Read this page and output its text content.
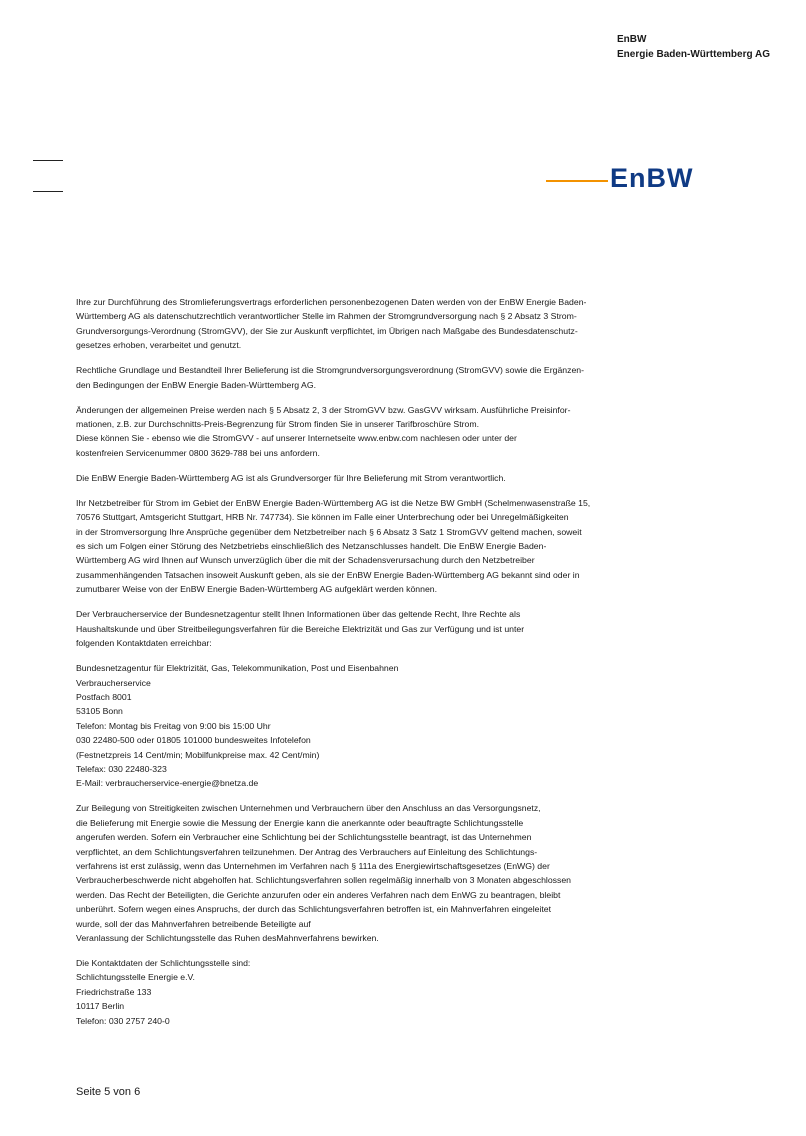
EnBW
Energie Baden-Württemberg AG
EnBW

Ihre zur Durchführung des Stromlieferungsvertrags erforderlichen personenbezogenen Daten werden von der EnBW Energie Baden-
Württemberg AG als datenschutzrechtlich verantwortlicher Stelle im Rahmen der Stromgrundversorgung nach § 2 Absatz 3 Strom-
Grundversorgungs-Verordnung (StromGVV), der Sie zur Auskunft verpflichtet, im Übrigen nach Maßgabe des Bundesdatenschutz-
gesetzes erhoben, verarbeitet und genutzt.

Rechtliche Grundlage und Bestandteil Ihrer Belieferung ist die Stromgrundversorgungsverordnung (StromGVV) sowie die Ergänzen-
den Bedingungen der EnBW Energie Baden-Württemberg AG.

Änderungen der allgemeinen Preise werden nach § 5 Absatz 2, 3 der StromGVV bzw. GasGVV wirksam. Ausführliche Preisinfor-
mationen, z.B. zur Durchschnitts-Preis-Begrenzung für Strom finden Sie in unserer Tarifbroschüre Strom.
Diese können Sie - ebenso wie die StromGVV - auf unserer Internetseite www.enbw.com nachlesen oder unter der
kostenfreien Servicenummer 0800 3629-788 bei uns anfordern.

Die EnBW Energie Baden-Württemberg AG ist als Grundversorger für Ihre Belieferung mit Strom verantwortlich.

Ihr Netzbetreiber für Strom im Gebiet der EnBW Energie Baden-Württemberg AG ist die Netze BW GmbH (Schelmenwasenstraße 15,
70576 Stuttgart, Amtsgericht Stuttgart, HRB Nr. 747734). Sie können im Falle einer Unterbrechung oder bei Unregelmäßigkeiten
in der Stromversorgung Ihre Ansprüche gegenüber dem Netzbetreiber nach § 6 Absatz 3 Satz 1 StromGVV geltend machen, soweit
es sich um Folgen einer Störung des Netzbetriebs einschließlich des Netzanschlusses handelt. Die EnBW Energie Baden-
Württemberg AG wird Ihnen auf Wunsch unverzüglich über die mit der Schadensverursachung durch den Netzbetreiber
zusammenhängenden Tatsachen insoweit Auskunft geben, als sie der EnBW Energie Baden-Württemberg AG bekannt sind oder in
zumutbarer Weise von der EnBW Energie Baden-Württemberg AG aufgeklärt werden können.

Der Verbraucherservice der Bundesnetzagentur stellt Ihnen Informationen über das geltende Recht, Ihre Rechte als
Haushaltskunde und über Streitbeilegungsverfahren für die Bereiche Elektrizität und Gas zur Verfügung und ist unter
folgenden Kontaktdaten erreichbar:

Bundesnetzagentur für Elektrizität, Gas, Telekommunikation, Post und Eisenbahnen
Verbraucherservice
Postfach 8001
53105 Bonn
Telefon: Montag bis Freitag von 9:00 bis 15:00 Uhr
030 22480-500 oder 01805 101000 bundesweites Infotelefon
(Festnetzpreis 14 Cent/min; Mobilfunkpreise max. 42 Cent/min)
Telefax: 030 22480-323
E-Mail: verbraucherservice-energie@bnetza.de

Zur Beilegung von Streitigkeiten zwischen Unternehmen und Verbrauchern über den Anschluss an das Versorgungsnetz,
die Belieferung mit Energie sowie die Messung der Energie kann die anerkannte oder beauftragte Schlichtungsstelle
angerufen werden. Sofern ein Verbraucher eine Schlichtung bei der Schlichtungsstelle beantragt, ist das Unternehmen
verpflichtet, an dem Schlichtungsverfahren teilzunehmen. Der Antrag des Verbrauchers auf Einleitung des Schlichtungs-
verfahrens ist erst zulässig, wenn das Unternehmen im Verfahren nach § 111a des Energiewirtschaftsgesetzes (EnWG) der
Verbraucherbeschwerde nicht abgeholfen hat. Schlichtungsverfahren sollen regelmäßig innerhalb von 3 Monaten abgeschlossen
werden. Das Recht der Beteiligten, die Gerichte anzurufen oder ein anderes Verfahren nach dem EnWG zu beantragen, bleibt
unberührt. Sofern wegen eines Anspruchs, der durch das Schlichtungsverfahren betroffen ist, ein Mahnverfahren eingeleitet
wurde, soll der das Mahnverfahren betreibende Beteiligte auf
Veranlassung der Schlichtungsstelle das Ruhen desMahnverfahrens bewirken.

Die Kontaktdaten der Schlichtungsstelle sind:
Schlichtungsstelle Energie e.V.
Friedrichstraße 133
10117 Berlin
Telefon: 030 2757 240-0

Seite 5 von 6
